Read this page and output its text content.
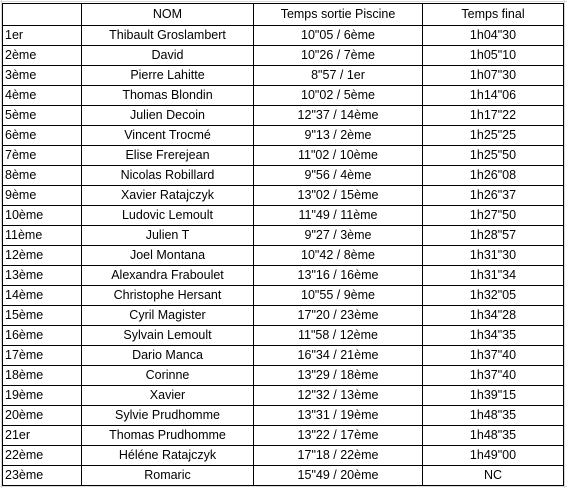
	NOM	Temps sortie Piscine	Temps final
1er	Thibault Groslambert	10"05 / 6ème	1h04"30
2ème	David	10"26 / 7ème	1h05"10
3ème	Pierre Lahitte	8"57 / 1er	1h07"30
4ème	Thomas Blondin	10"02 / 5ème	1h14"06
5ème	Julien Decoin	12"37 / 14ème	1h17"22
6ème	Vincent Trocmé	9"13 / 2ème	1h25"25
7ème	Elise Frerejean	11"02 / 10ème	1h25"50
8ème	Nicolas Robillard	9"56 / 4ème	1h26"08
9ème	Xavier Ratajczyk	13"02 / 15ème	1h26"37
10ème	Ludovic Lemoult	11"49 / 11ème	1h27"50
11ème	Julien T	9"27 / 3ème	1h28"57
12ème	Joel Montana	10"42 / 8ème	1h31"30
13ème	Alexandra Fraboulet	13"16 / 16ème	1h31"34
14ème	Christophe Hersant	10"55 / 9ème	1h32"05
15ème	Cyril Magister	17"20 / 23ème	1h34"28
16ème	Sylvain Lemoult	11"58 / 12ème	1h34"35
17ème	Dario Manca	16"34 / 21ème	1h37"40
18ème	Corinne	13"29 / 18ème	1h37"40
19ème	Xavier	12"32 / 13ème	1h39"15
20ème	Sylvie Prudhomme	13"31 / 19ème	1h48"35
21er	Thomas Prudhomme	13"22 / 17ème	1h48"35
22ème	Héléne Ratajczyk	17"18 / 22ème	1h49"00
23ème	Romaric	15"49 / 20ème	NC
